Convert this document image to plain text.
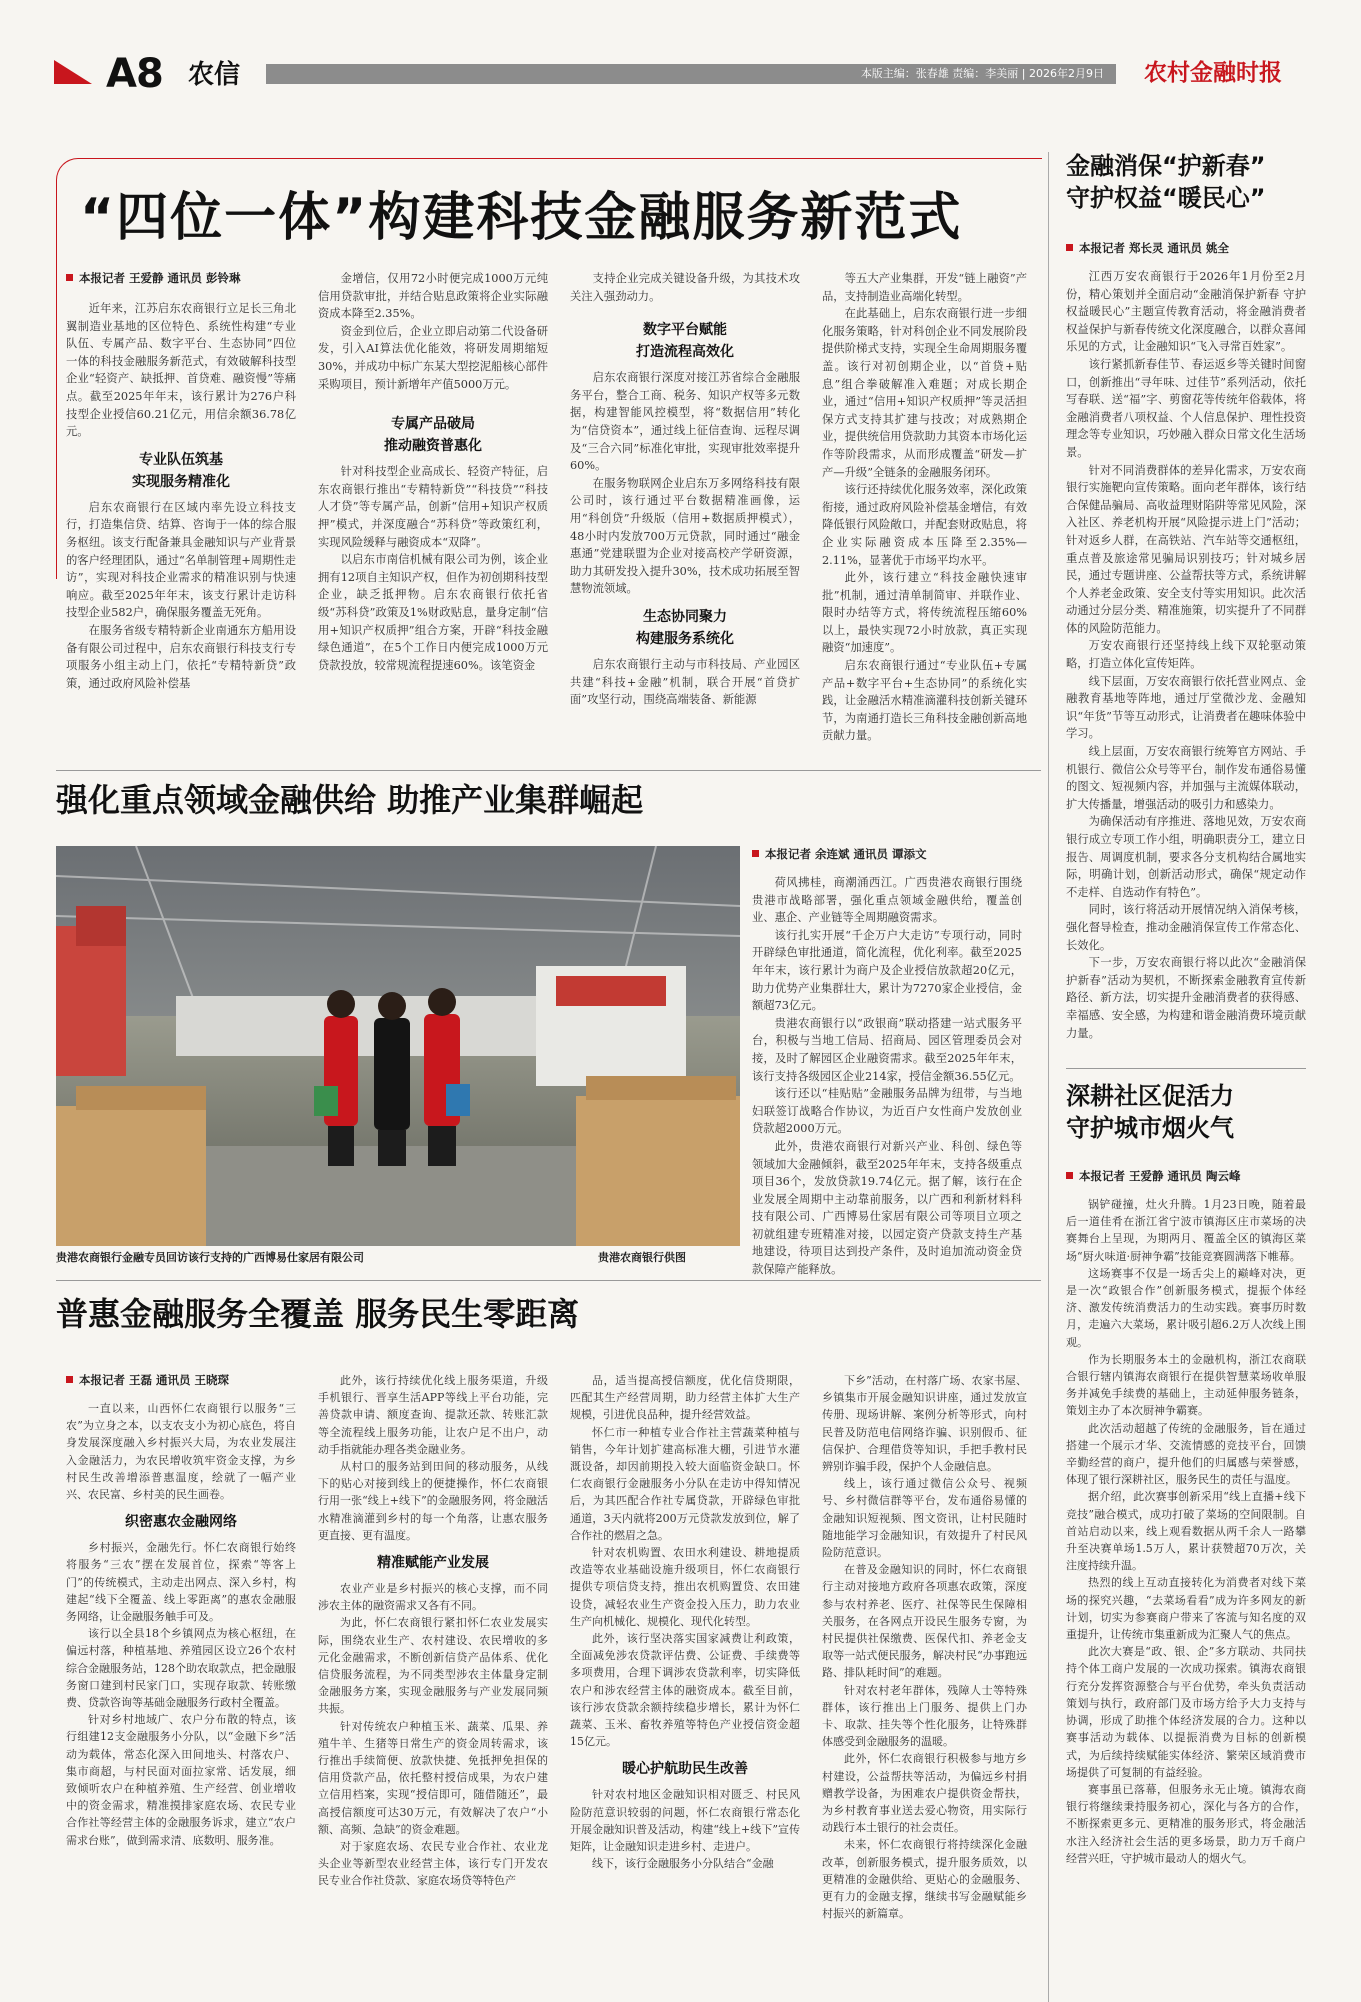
A8 农信	本版主编：张春雄 责编：李美丽 | 2026年2月9日 农村金融时报
“四位一体”构建科技金融服务新范式
本报记者 王爱静 通讯员 彭铃琳

近年来，江苏启东农商银行立足长三角北翼制造业基地的区位特色、系统性构建“专业队伍、专属产品、数字平台、生态协同”四位一体的科技金融服务新范式，有效破解科技型企业“轻资产、缺抵押、首贷难、融资慢”等痛点。截至2025年年末，该行累计为276户科技型企业授信60.21亿元，用信余额36.78亿元。

专业队伍筑基
实现服务精准化

启东农商银行在区域内率先设立科技支行，打造集信贷、结算、咨询于一体的综合服务枢纽。该支行配备兼具金融知识与产业背景的客户经理团队，通过“名单制管理+周期性走访”，实现对科技企业需求的精准识别与快速响应。截至2025年年末，该支行累计走访科技型企业582户，确保服务覆盖无死角。

在服务省级专精特新企业南通东方船用设备有限公司过程中，启东农商银行科技支行专项服务小组主动上门，依托“专精特新贷”政策，通过政府风险补偿基

金增信，仅用72小时便完成1000万元纯信用贷款审批，并结合贴息政策将企业实际融资成本降至2.35%。

资金到位后，企业立即启动第二代设备研发，引入AI算法优化能效，将研发周期缩短30%，并成功中标广东某大型挖泥船核心部件采购项目，预计新增年产值5000万元。

专属产品破局
推动融资普惠化

针对科技型企业高成长、轻资产特征，启东农商银行推出“专精特新贷”“科技贷”“科技人才贷”等专属产品，创新“信用+知识产权质押”模式，并深度融合“苏科贷”等政策红利，实现风险缓释与融资成本“双降”。

以启东市南信机械有限公司为例，该企业拥有12项自主知识产权，但作为初创期科技型企业，缺乏抵押物。启东农商银行依托省级“苏科贷”政策及1%财政贴息，量身定制“信用+知识产权质押”组合方案，开辟“科技金融绿色通道”，在5个工作日内便完成1000万元贷款投放，较常规流程提速60%。该笔资金

支持企业完成关键设备升级，为其技术攻关注入强劲动力。

数字平台赋能
打造流程高效化

启东农商银行深度对接江苏省综合金融服务平台，整合工商、税务、知识产权等多元数据，构建智能风控模型，将“数据信用”转化为“信贷资本”，通过线上征信查询、远程尽调及“三合六同”标准化审批，实现审批效率提升60%。

在服务物联网企业启东万多网络科技有限公司时，该行通过平台数据精准画像，运用“科创贷”升级版（信用+数据质押模式），48小时内发放700万元贷款，同时通过“融金惠通”党建联盟为企业对接高校产学研资源，助力其研发投入提升30%，技术成功拓展至智慧物流领域。

生态协同聚力
构建服务系统化

启东农商银行主动与市科技局、产业园区共建“科技+金融”机制，联合开展“首贷扩面”攻坚行动，围绕高端装备、新能源

等五大产业集群，开发“链上融资”产品，支持制造业高端化转型。

在此基础上，启东农商银行进一步细化服务策略，针对科创企业不同发展阶段提供阶梯式支持，实现全生命周期服务覆盖。该行对初创期企业，以“首贷+贴息”组合拳破解准入难题；对成长期企业，通过“信用+知识产权质押”等灵活担保方式支持其扩建与技改；对成熟期企业，提供统信用贷款助力其资本市场化运作等阶段需求，从而形成覆盖“研发—扩产—升级”全链条的金融服务闭环。

该行还持续优化服务效率，深化政策衔接，通过政府风险补偿基金增信，有效降低银行风险敞口，并配套财政贴息，将企业实际融资成本压降至2.35%—2.11%，显著优于市场平均水平。

此外，该行建立“科技金融快速审批”机制，通过清单制简审、并联作业、限时办结等方式，将传统流程压缩60%以上，最快实现72小时放款，真正实现融资“加速度”。

启东农商银行通过“专业队伍+专属产品+数字平台+生态协同”的系统化实践，让金融活水精准滴灌科技创新关键环节，为南通打造长三角科技金融创新高地贡献力量。

金融消保“护新春”
守护权益“暖民心”
本报记者 郑长灵 通讯员 姚全

江西万安农商银行于2026年1月份至2月份，精心策划并全面启动“金融消保护新春 守护权益暖民心”主题宣传教育活动，将金融消费者权益保护与新春传统文化深度融合，以群众喜闻乐见的方式，让金融知识“飞入寻常百姓家”。

该行紧抓新春佳节、春运返乡等关键时间窗口，创新推出“寻年味、过佳节”系列活动，依托写春联、送“福”字、剪窗花等传统年俗载体，将金融消费者八项权益、个人信息保护、理性投资理念等专业知识，巧妙融入群众日常文化生活场景。

针对不同消费群体的差异化需求，万安农商银行实施靶向宣传策略。面向老年群体，该行结合保健品骗局、高收益理财陷阱等常见风险，深入社区、养老机构开展“风险提示进上门”活动；针对返乡人群，在高铁站、汽车站等交通枢纽，重点普及旅途常见骗局识别技巧；针对城乡居民，通过专题讲座、公益帮扶等方式，系统讲解个人养老金政策、安全支付等实用知识。此次活动通过分层分类、精准施策，切实提升了不同群体的风险防范能力。

万安农商银行还坚持线上线下双轮驱动策略，打造立体化宣传矩阵。

线下层面，万安农商银行依托营业网点、金融教育基地等阵地，通过厅堂微沙龙、金融知识“年货”节等互动形式，让消费者在趣味体验中学习。

线上层面，万安农商银行统筹官方网站、手机银行、微信公众号等平台，制作发布通俗易懂的图文、短视频内容，并加强与主流媒体联动，扩大传播量，增强活动的吸引力和感染力。

为确保活动有序推进、落地见效，万安农商银行成立专项工作小组，明确职责分工，建立日报告、周调度机制，要求各分支机构结合属地实际，明确计划，创新活动形式，确保“规定动作不走样、自选动作有特色”。

同时，该行将活动开展情况纳入消保考核，强化督导检查，推动金融消保宣传工作常态化、长效化。

下一步，万安农商银行将以此次“金融消保护新春”活动为契机，不断探索金融教育宣传新路径、新方法，切实提升金融消费者的获得感、幸福感、安全感，为构建和谐金融消费环境贡献力量。

强化重点领域金融供给 助推产业集群崛起
贵港农商银行金融专员回访该行支持的广西博易仕家居有限公司	贵港农商银行供图
本报记者 余连斌 通讯员 谭添文

荷风拂桂，商潮涌西江。广西贵港农商银行围绕贵港市战略部署，强化重点领域金融供给，覆盖创业、惠企、产业链等全周期融资需求。

该行扎实开展“千企万户大走访”专项行动，同时开辟绿色审批通道，简化流程，优化利率。截至2025年年末，该行累计为商户及企业授信放款超20亿元，助力优势产业集群壮大，累计为7270家企业授信，金额超73亿元。

贵港农商银行以“政银商”联动搭建一站式服务平台，积极与当地工信局、招商局、园区管理委员会对接，及时了解园区企业融资需求。截至2025年年末，该行支持各级园区企业214家，授信金额36.55亿元。

该行还以“桂贴贴”金融服务品牌为纽带，与当地妇联签订战略合作协议，为近百户女性商户发放创业贷款超2000万元。

此外，贵港农商银行对新兴产业、科创、绿色等领域加大金融倾斜，截至2025年年末，支持各级重点项目36个，发放贷款19.74亿元。据了解，该行在企业发展全周期中主动靠前服务，以广西和利新材料科技有限公司、广西博易仕家居有限公司等项目立项之初就组建专班精准对接，以园定资产贷款支持生产基地建设，待项目达到投产条件，及时追加流动资金贷款保障产能释放。

深耕社区促活力
守护城市烟火气
本报记者 王爱静 通讯员 陶云峰

锅铲碰撞，灶火升腾。1月23日晚，随着最后一道佳肴在浙江省宁波市镇海区庄市菜场的决赛舞台上呈现，为期两月、覆盖全区的镇海区菜场“厨火味道·厨神争霸”技能竞赛圆满落下帷幕。

这场赛事不仅是一场舌尖上的巅峰对决，更是一次“政银合作”创新服务模式，提振个体经济、激发传统消费活力的生动实践。赛事历时数月，走遍六大菜场，累计吸引超6.2万人次线上围观。

作为长期服务本土的金融机构，浙江农商联合银行辖内镇海农商银行在提供智慧菜场收单服务并减免手续费的基础上，主动延伸服务链条，策划主办了本次厨神争霸赛。

此次活动超越了传统的金融服务，旨在通过搭建一个展示才华、交流情感的竞技平台，回馈辛勤经营的商户，提升他们的归属感与荣誉感，体现了银行深耕社区，服务民生的责任与温度。

据介绍，此次赛事创新采用“线上直播+线下竞技”融合模式，成功打破了菜场的空间限制。自首站启动以来，线上观看数据从两千余人一路攀升至决赛单场1.5万人，累计获赞超70万次，关注度持续升温。

热烈的线上互动直接转化为消费者对线下菜场的探究兴趣，“去菜场看看”成为许多网友的新计划，切实为参赛商户带来了客流与知名度的双重提升，让传统市集重新成为汇聚人气的焦点。

此次大赛是“政、银、企”多方联动、共同扶持个体工商户发展的一次成功探索。镇海农商银行充分发挥资源整合与平台优势，牵头负责活动策划与执行，政府部门及市场方给予大力支持与协调，形成了助推个体经济发展的合力。这种以赛事活动为载体、以提振消费为目标的创新模式，为后续持续赋能实体经济、繁荣区域消费市场提供了可复制的有益经验。

赛事虽已落幕，但服务永无止境。镇海农商银行将继续秉持服务初心，深化与各方的合作，不断探索更多元、更精准的服务形式，将金融活水注入经济社会生活的更多场景，助力万千商户经营兴旺，守护城市最动人的烟火气。

普惠金融服务全覆盖 服务民生零距离
本报记者 王磊 通讯员 王晓琛

一直以来，山西怀仁农商银行以服务“三农”为立身之本，以支农支小为初心底色，将自身发展深度融入乡村振兴大局，为农业发展注入金融活力，为农民增收筑牢资金支撑，为乡村民生改善增添普惠温度，绘就了一幅产业兴、农民富、乡村美的民生画卷。

织密惠农金融网络

乡村振兴，金融先行。怀仁农商银行始终将服务“三农”摆在发展首位，探索“等客上门”的传统模式，主动走出网点、深入乡村，构建起“线下全覆盖、线上零距离”的惠农金融服务网络，让金融服务触手可及。

该行以全县18个乡镇网点为核心枢纽，在偏远村落，种植基地、养殖园区设立26个农村综合金融服务站，128个助农取款点，把金融服务窗口建到村民家门口，实现存取款、转账缴费、贷款咨询等基础金融服务行政村全覆盖。

针对乡村地域广、农户分布散的特点，该行组建12支金融服务小分队，以“金融下乡”活动为载体，常态化深入田间地头、村落农户、集市商超，与村民面对面拉家常、话发展，细致倾听农户在种植养殖、生产经营、创业增收中的资金需求，精准摸排家庭农场、农民专业合作社等经营主体的金融服务诉求，建立“农户需求台账”，做到需求清、底数明、服务准。

此外，该行持续优化线上服务渠道，升级手机银行、晋享生活APP等线上平台功能，完善贷款申请、额度查询、提款还款、转账汇款等全流程线上服务功能，让农户足不出户，动动手指就能办理各类金融业务。

从村口的服务站到田间的移动服务，从线下的贴心对接到线上的便捷操作，怀仁农商银行用一张“线上+线下”的金融服务网，将金融活水精准滴灌到乡村的每一个角落，让惠农服务更直接、更有温度。

精准赋能产业发展

农业产业是乡村振兴的核心支撑，而不同涉农主体的融资需求又各有不同。

为此，怀仁农商银行紧扣怀仁农业发展实际，围绕农业生产、农村建设、农民增收的多元化金融需求，不断创新信贷产品体系、优化信贷服务流程，为不同类型涉农主体量身定制金融服务方案，实现金融服务与产业发展同频共振。

针对传统农户种植玉米、蔬菜、瓜果、养殖牛羊、生猪等日常生产的资金周转需求，该行推出手续简便、放款快捷、免抵押免担保的信用贷款产品，依托整村授信成果，为农户建立信用档案，实现“授信即可，随借随还”，最高授信额度可达30万元，有效解决了农户“小额、高频、急缺”的资金难题。

对于家庭农场、农民专业合作社、农业龙头企业等新型农业经营主体，该行专门开发农民专业合作社贷款、家庭农场贷等特色产

品，适当提高授信额度，优化信贷期限，匹配其生产经营周期，助力经营主体扩大生产规模，引进优良品种，提升经营效益。

怀仁市一种植专业合作社主营蔬菜种植与销售，今年计划扩建高标准大棚，引进节水灌溉设备，却因前期投入较大面临资金缺口。怀仁农商银行金融服务小分队在走访中得知情况后，为其匹配合作社专属贷款，开辟绿色审批通道，3天内就将200万元贷款发放到位，解了合作社的燃眉之急。

针对农机购置、农田水利建设、耕地提质改造等农业基础设施升级项目，怀仁农商银行提供专项信贷支持，推出农机购置贷、农田建设贷，减轻农业生产资金投入压力，助力农业生产向机械化、规模化、现代化转型。

此外，该行坚决落实国家减费让利政策，全面减免涉农贷款评估费、公证费、手续费等多项费用，合理下调涉农贷款利率，切实降低农户和涉农经营主体的融资成本。截至目前，该行涉农贷款余额持续稳步增长，累计为怀仁蔬菜、玉米、畜牧养殖等特色产业授信资金超15亿元。

暖心护航助民生改善

针对农村地区金融知识相对匮乏、村民风险防范意识较弱的问题，怀仁农商银行常态化开展金融知识普及活动，构建“线上+线下”宣传矩阵，让金融知识走进乡村、走进户。

线下，该行金融服务小分队结合“金融

下乡”活动，在村落广场、农家书屋、乡镇集市开展金融知识讲座，通过发放宣传册、现场讲解、案例分析等形式，向村民普及防范电信网络诈骗、识别假币、征信保护、合理借贷等知识，手把手教村民辨别诈骗手段，保护个人金融信息。

线上，该行通过微信公众号、视频号、乡村微信群等平台，发布通俗易懂的金融知识短视频、图文资讯，让村民随时随地能学习金融知识，有效提升了村民风险防范意识。

在普及金融知识的同时，怀仁农商银行主动对接地方政府各项惠农政策，深度参与农村养老、医疗、社保等民生保障相关服务，在各网点开设民生服务专窗，为村民提供社保缴费、医保代扣、养老金支取等一站式便民服务，解决村民“办事跑远路、排队耗时间”的难题。

针对农村老年群体，残障人士等特殊群体，该行推出上门服务、提供上门办卡、取款、挂失等个性化服务，让特殊群体感受到金融服务的温暖。

此外，怀仁农商银行积极参与地方乡村建设，公益帮扶等活动，为偏远乡村捐赠教学设备，为困难农户提供资金帮扶，为乡村教育事业送去爱心物资，用实际行动践行本土银行的社会责任。

未来，怀仁农商银行将持续深化金融改革，创新服务模式，提升服务质效，以更精准的金融供给、更贴心的金融服务、更有力的金融支撑，继续书写金融赋能乡村振兴的新篇章。
